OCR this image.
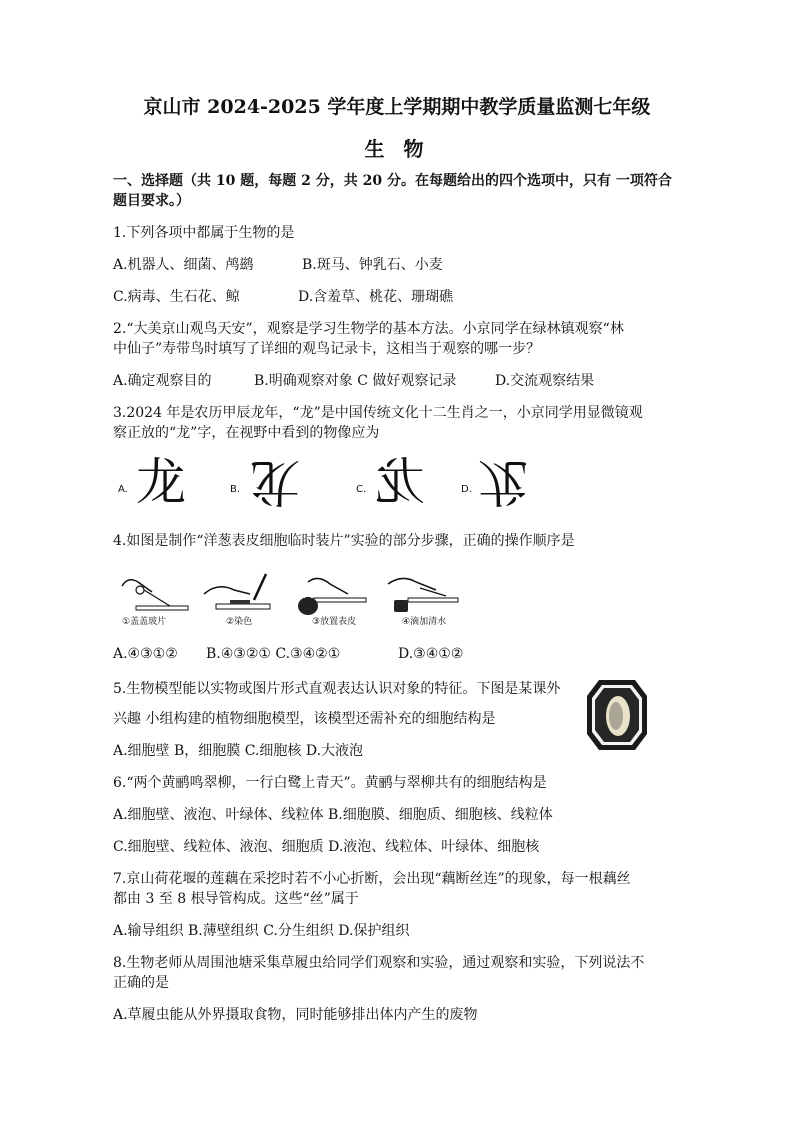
京山市 2024-2025 学年度上学期期中教学质量监测七年级
生 物
一、选择题（共 10 题，每题 2 分，共 20 分。在每题给出的四个选项中，只有 一项符合
题目要求。）
1.下列各项中都属于生物的是
A.机器人、细菌、鸬鹚	B.斑马、钟乳石、小麦
C.病毒、生石花、鲸	D.含羞草、桃花、珊瑚礁
2.“大美京山观鸟天安”，观察是学习生物学的基本方法。小京同学在绿林镇观察“林
中仙子”寿带鸟时填写了详细的观鸟记录卡，这相当于观察的哪一步？
A.确定观察目的	B.明确观察对象 C 做好观察记录	D.交流观察结果
3.2024 年是农历甲辰龙年，“龙”是中国传统文化十二生肖之一，小京同学用显微镜观
察正放的“龙”字，在视野中看到的物像应为
A. 龙	B. 龙	C. 龙	D. 龙
4.如图是制作“洋葱表皮细胞临时装片”实验的部分步骤，正确的操作顺序是
①盖盖玻片	②染色	③放置表皮	④滴加清水
A.④③①② B.④③②① C.③④②①	D.③④①②
5.生物模型能以实物或图片形式直观表达认识对象的特征。下图是某课外
兴趣 小组构建的植物细胞模型，该模型还需补充的细胞结构是
A.细胞壁 B，细胞膜 C.细胞核 D.大液泡
6.“两个黄鹂鸣翠柳，一行白鹭上青天”。黄鹂与翠柳共有的细胞结构是
A.细胞壁、液泡、叶绿体、线粒体 B.细胞膜、细胞质、细胞核、线粒体
C.细胞壁、线粒体、液泡、细胞质 D.液泡、线粒体、叶绿体、细胞核
7.京山荷花堰的莲藕在采挖时若不小心折断，会出现“藕断丝连”的现象，每一根藕丝
都由 3 至 8 根导管构成。这些“丝”属于
A.输导组织 B.薄壁组织 C.分生组织 D.保护组织
8.生物老师从周围池塘采集草履虫给同学们观察和实验，通过观察和实验，下列说法不
正确的是
A.草履虫能从外界摄取食物，同时能够排出体内产生的废物
